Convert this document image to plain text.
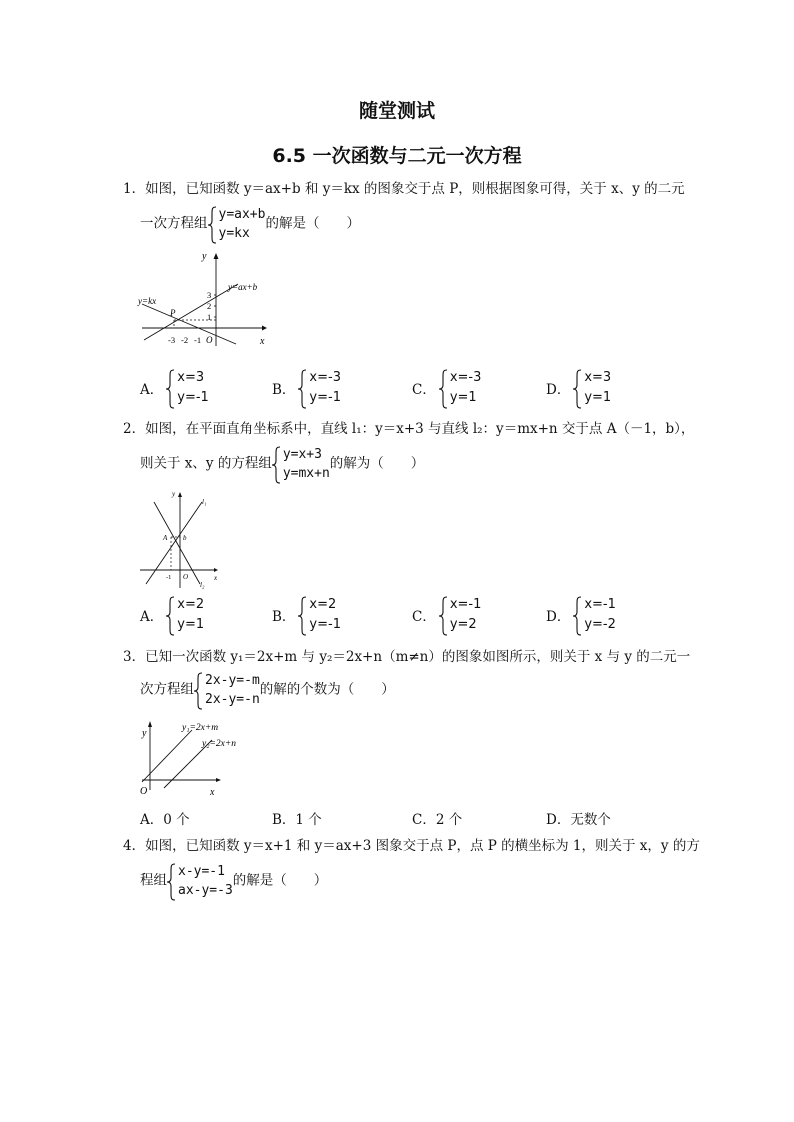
随堂测试
6.5 一次函数与二元一次方程
1．如图，已知函数 y＝ax+b 和 y＝kx 的图象交于点 P，则根据图象可得，关于 x、y 的二元
一次方程组
y=ax+b
y=kx
的解是（　　）
y
x
y=ax+b
y=kx
P
3
2
1
-3 -2 -1 O
A．
x=3
y=-1	B．
x=-3
y=-1	C．
x=-3
y=1	D．
x=3
y=1
2．如图，在平面直角坐标系中，直线 l₁：y＝x+3 与直线 l₂：y＝mx+n 交于点 A（－1，b），
则关于 x、y 的方程组
y=x+3
y=mx+n
的解为（　　）
y
x
l₁
l₂
A b
-1 O
A．
x=2
y=1	B．
x=2
y=-1	C．
x=-1
y=2	D．
x=-1
y=-2
3．已知一次函数 y₁＝2x+m 与 y₂＝2x+n（m≠n）的图象如图所示，则关于 x 与 y 的二元一
次方程组
2x-y=-m
2x-y=-n
的解的个数为（　　）
y
x
O
y₁=2x+m
y₂=2x+n
A．0 个	B．1 个	C．2 个	D．无数个
4．如图，已知函数 y＝x+1 和 y＝ax+3 图象交于点 P，点 P 的横坐标为 1，则关于 x，y 的方
程组
x-y=-1
ax-y=-3
的解是（　　）
